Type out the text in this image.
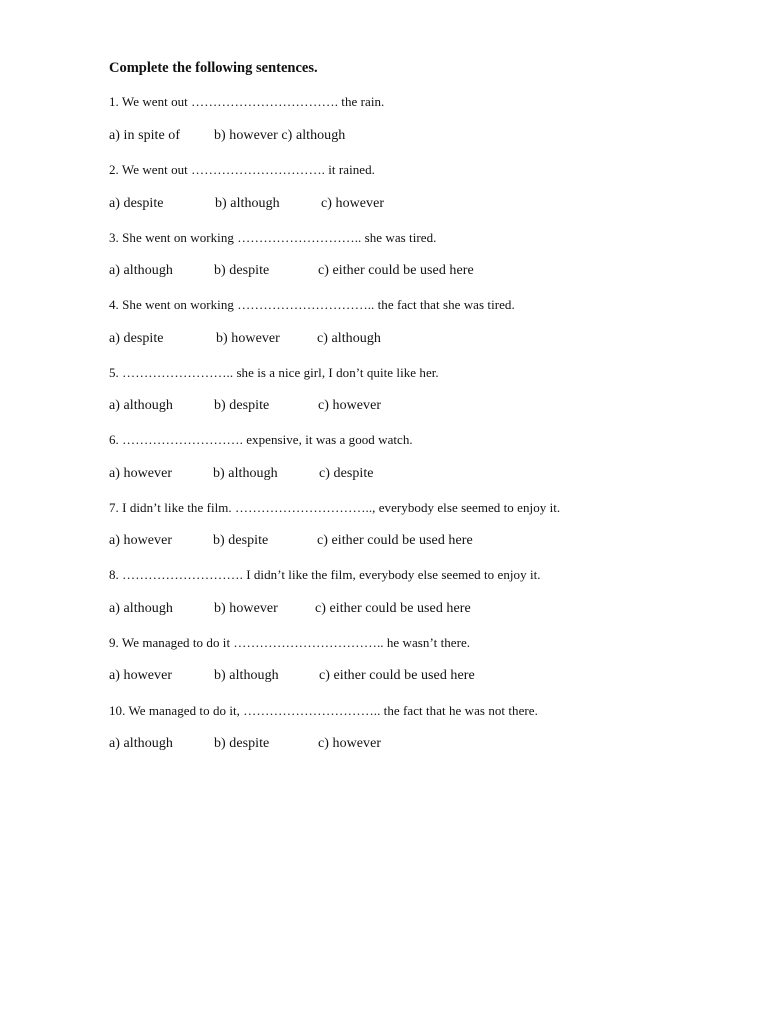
Complete the following sentences.
1. We went out ……………………………. the rain.
a) in spite of b) however c) although
2. We went out …………………………. it rained.
a) despite	b) although	c) however
3. She went on working ……………………….. she was tired.
a) although	b) despite	c) either could be used here
4. She went on working ………………………….. the fact that she was tired.
a) despite	b) however	c) although
5. …………………….. she is a nice girl, I don’t quite like her.
a) although	b) despite	c) however
6. ………………………. expensive, it was a good watch.
a) however	b) although	c) despite
7. I didn’t like the film. ………………………….., everybody else seemed to enjoy it.
a) however	b) despite	c) either could be used here
8. ………………………. I didn’t like the film, everybody else seemed to enjoy it.
a) although	b) however	c) either could be used here
9. We managed to do it …………………………….. he wasn’t there.
a) however	b) although	c) either could be used here
10. We managed to do it, ………………………….. the fact that he was not there.
a) although	b) despite	c) however
